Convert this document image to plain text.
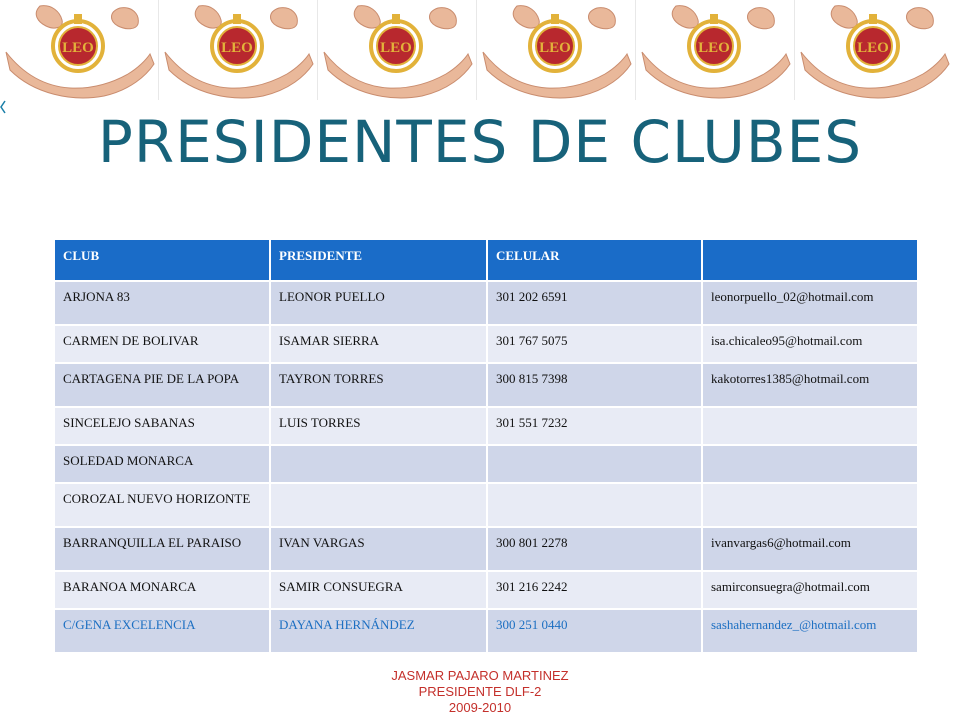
LEO	LEO	LEO	LEO	LEO	LEO
PRESIDENTES DE CLUBES
CLUB	PRESIDENTE	CELULAR	
ARJONA 83	LEONOR PUELLO	301 202 6591	leonorpuello_02@hotmail.com
CARMEN DE BOLIVAR	ISAMAR SIERRA	301 767 5075	isa.chicaleo95@hotmail.com
CARTAGENA PIE DE LA POPA	TAYRON TORRES	300 815 7398	kakotorres1385@hotmail.com
SINCELEJO SABANAS	LUIS TORRES	301 551 7232	
SOLEDAD MONARCA			
COROZAL NUEVO HORIZONTE			
BARRANQUILLA EL PARAISO	IVAN VARGAS	300 801 2278	ivanvargas6@hotmail.com
BARANOA MONARCA	SAMIR CONSUEGRA	301 216 2242	samirconsuegra@hotmail.com
C/GENA EXCELENCIA	DAYANA HERNÁNDEZ	300 251 0440	sashahernandez_@hotmail.com
JASMAR PAJARO MARTINEZ
PRESIDENTE DLF-2
2009-2010
